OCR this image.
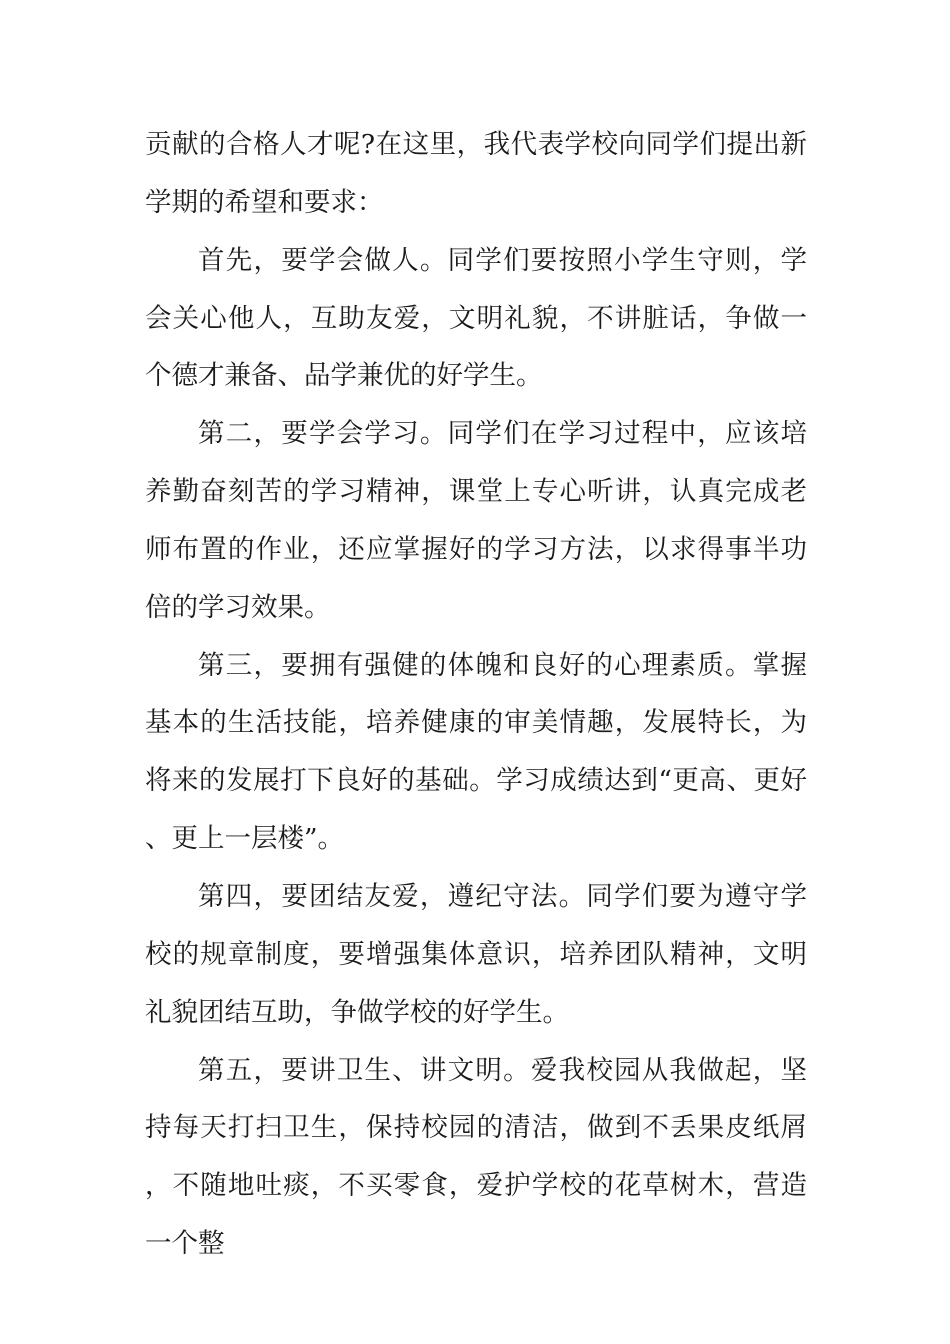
贡献的合格人才呢?在这里，我代表学校向同学们提出新学期的希望和要求：

首先，要学会做人。同学们要按照小学生守则，学会关心他人，互助友爱，文明礼貌，不讲脏话，争做一个德才兼备、品学兼优的好学生。

第二，要学会学习。同学们在学习过程中，应该培养勤奋刻苦的学习精神，课堂上专心听讲，认真完成老师布置的作业，还应掌握好的学习方法，以求得事半功倍的学习效果。

第三，要拥有强健的体魄和良好的心理素质。掌握基本的生活技能，培养健康的审美情趣，发展特长，为将来的发展打下良好的基础。学习成绩达到“更高、更好、更上一层楼”。

第四，要团结友爱，遵纪守法。同学们要为遵守学校的规章制度，要增强集体意识，培养团队精神，文明礼貌团结互助，争做学校的好学生。

第五，要讲卫生、讲文明。爱我校园从我做起，坚持每天打扫卫生，保持校园的清洁，做到不丢果皮纸屑，不随地吐痰，不买零食，爱护学校的花草树木，营造一个整
